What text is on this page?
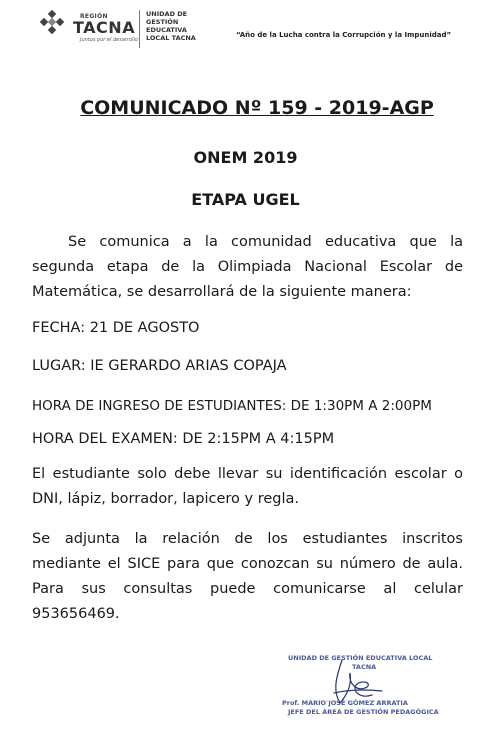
REGIÓN
TACNA
Juntos por el desarrollo
UNIDAD DE
GESTIÓN
EDUCATIVA
LOCAL TACNA	“Año de la Lucha contra la Corrupción y la Impunidad”
COMUNICADO Nº 159 - 2019-AGP
ONEM 2019
ETAPA UGEL
Se comunica a la comunidad educativa que la segunda etapa de la Olimpiada Nacional Escolar de Matemática, se desarrollará de la siguiente manera:
FECHA: 21 DE AGOSTO
LUGAR: IE GERARDO ARIAS COPAJA
HORA DE INGRESO DE ESTUDIANTES: DE 1:30PM A 2:00PM
HORA DEL EXAMEN: DE 2:15PM A 4:15PM
El estudiante solo debe llevar su identificación escolar o DNI, lápiz, borrador, lapicero y regla.
Se adjunta la relación de los estudiantes inscritos mediante el SICE para que conozcan su número de aula. Para sus consultas puede comunicarse al celular 953656469.
UNIDAD DE GESTIÓN EDUCATIVA LOCAL
TACNA
Prof. MARIO JOSÉ GÓMEZ ARRATIA
JEFE DEL ÁREA DE GESTIÓN PEDAGÓGICA
